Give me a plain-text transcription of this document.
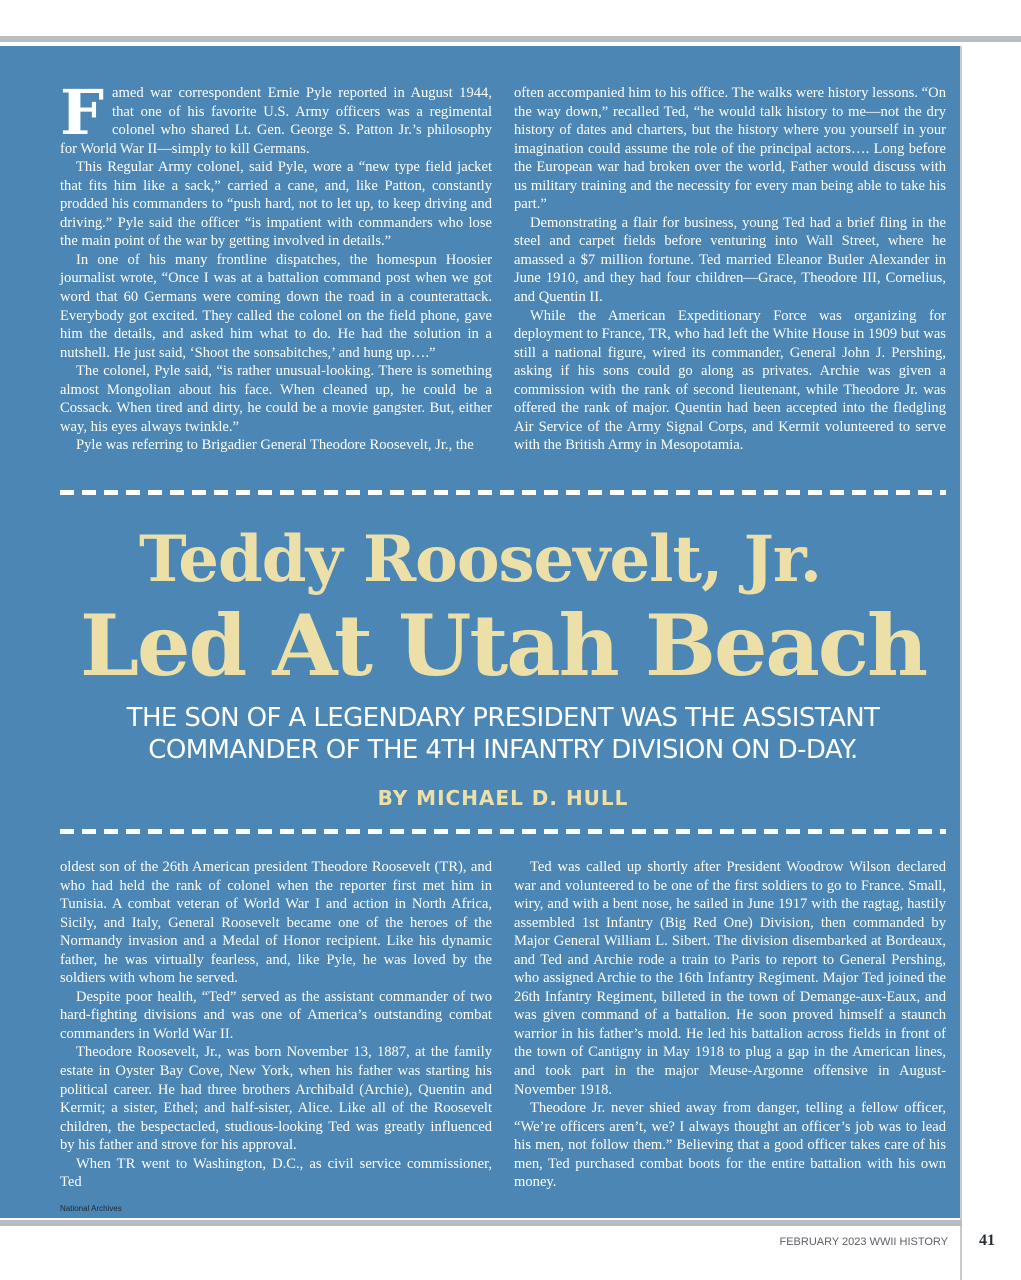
Famed war correspondent Ernie Pyle reported in August 1944, that one of his favorite U.S. Army officers was a regimental colonel who shared Lt. Gen. George S. Patton Jr.’s philosophy for World War II—simply to kill Germans.

This Regular Army colonel, said Pyle, wore a “new type field jacket that fits him like a sack,” carried a cane, and, like Patton, constantly prodded his commanders to “push hard, not to let up, to keep driving and driving.” Pyle said the officer “is impatient with commanders who lose the main point of the war by getting involved in details.”

In one of his many frontline dispatches, the homespun Hoosier journalist wrote, “Once I was at a battalion command post when we got word that 60 Germans were coming down the road in a counterattack. Everybody got excited. They called the colonel on the field phone, gave him the details, and asked him what to do. He had the solution in a nutshell. He just said, ‘Shoot the sonsabitches,’ and hung up….”

The colonel, Pyle said, “is rather unusual-looking. There is something almost Mongolian about his face. When cleaned up, he could be a Cossack. When tired and dirty, he could be a movie gangster. But, either way, his eyes always twinkle.”

Pyle was referring to Brigadier General Theodore Roosevelt, Jr., the

often accompanied him to his office. The walks were history lessons. “On the way down,” recalled Ted, “he would talk history to me—not the dry history of dates and charters, but the history where you yourself in your imagination could assume the role of the principal actors…. Long before the European war had broken over the world, Father would discuss with us military training and the necessity for every man being able to take his part.”

Demonstrating a flair for business, young Ted had a brief fling in the steel and carpet fields before venturing into Wall Street, where he amassed a $7 million fortune. Ted married Eleanor Butler Alexander in June 1910, and they had four children—Grace, Theodore III, Cornelius, and Quentin II.

While the American Expeditionary Force was organizing for deployment to France, TR, who had left the White House in 1909 but was still a national figure, wired its commander, General John J. Pershing, asking if his sons could go along as privates. Archie was given a commission with the rank of second lieutenant, while Theodore Jr. was offered the rank of major. Quentin had been accepted into the fledgling Air Service of the Army Signal Corps, and Kermit volunteered to serve with the British Army in Mesopotamia.

Teddy Roosevelt, Jr.
Led At Utah Beach
THE SON OF A LEGENDARY PRESIDENT WAS THE ASSISTANT
COMMANDER OF THE 4TH INFANTRY DIVISION ON D-DAY.
BY MICHAEL D. HULL

oldest son of the 26th American president Theodore Roosevelt (TR), and who had held the rank of colonel when the reporter first met him in Tunisia. A combat veteran of World War I and action in North Africa, Sicily, and Italy, General Roosevelt became one of the heroes of the Normandy invasion and a Medal of Honor recipient. Like his dynamic father, he was virtually fearless, and, like Pyle, he was loved by the soldiers with whom he served.

Despite poor health, “Ted” served as the assistant commander of two hard-fighting divisions and was one of America’s outstanding combat commanders in World War II.

Theodore Roosevelt, Jr., was born November 13, 1887, at the family estate in Oyster Bay Cove, New York, when his father was starting his political career. He had three brothers Archibald (Archie), Quentin and Kermit; a sister, Ethel; and half-sister, Alice. Like all of the Roosevelt children, the bespectacled, studious-looking Ted was greatly influenced by his father and strove for his approval.

When TR went to Washington, D.C., as civil service commissioner, Ted

Ted was called up shortly after President Woodrow Wilson declared war and volunteered to be one of the first soldiers to go to France. Small, wiry, and with a bent nose, he sailed in June 1917 with the ragtag, hastily assembled 1st Infantry (Big Red One) Division, then commanded by Major General William L. Sibert. The division disembarked at Bordeaux, and Ted and Archie rode a train to Paris to report to General Pershing, who assigned Archie to the 16th Infantry Regiment. Major Ted joined the 26th Infantry Regiment, billeted in the town of Demange-aux-Eaux, and was given command of a battalion. He soon proved himself a staunch warrior in his father’s mold. He led his battalion across fields in front of the town of Cantigny in May 1918 to plug a gap in the American lines, and took part in the major Meuse-Argonne offensive in August-November 1918.

Theodore Jr. never shied away from danger, telling a fellow officer, “We’re officers aren’t, we? I always thought an officer’s job was to lead his men, not follow them.” Believing that a good officer takes care of his men, Ted purchased combat boots for the entire battalion with his own money.

National Archives
FEBRUARY 2023 WWII HISTORY	41
